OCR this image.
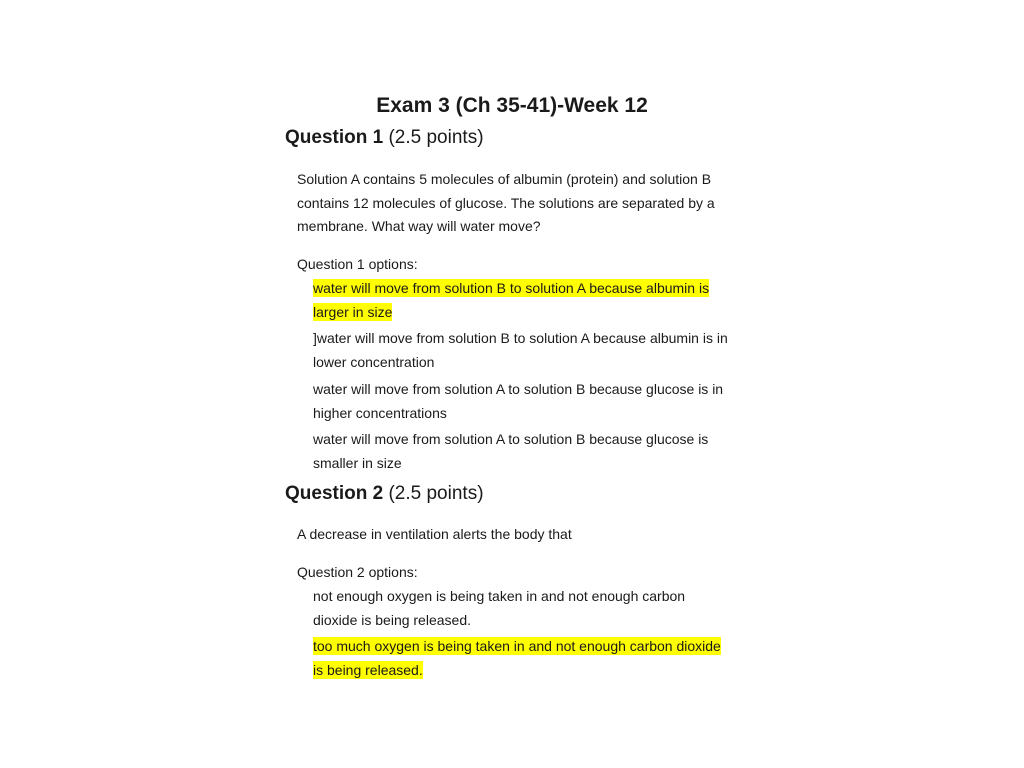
Exam 3 (Ch 35-41)-Week 12
Question 1 (2.5 points)

Solution A contains 5 molecules of albumin (protein) and solution B contains 12 molecules of glucose. The solutions are separated by a membrane. What way will water move?

Question 1 options:

water will move from solution B to solution A because albumin is larger in size

]water will move from solution B to solution A because albumin is in lower concentration

water will move from solution A to solution B because glucose is in higher concentrations

water will move from solution A to solution B because glucose is smaller in size

Question 2 (2.5 points)

A decrease in ventilation alerts the body that

Question 2 options:

not enough oxygen is being taken in and not enough carbon dioxide is being released.

too much oxygen is being taken in and not enough carbon dioxide is being released.
